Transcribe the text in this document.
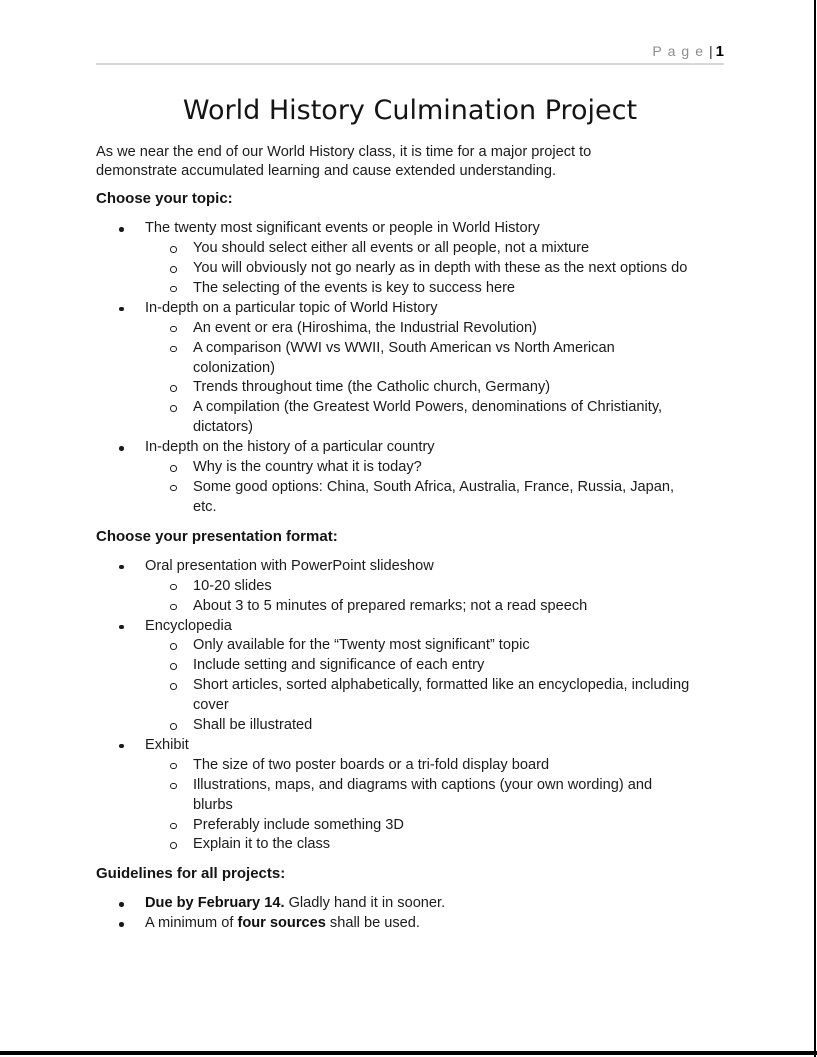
Page| 1
World History Culmination Project

As we near the end of our World History class, it is time for a major project to demonstrate accumulated learning and cause extended understanding.

Choose your topic:
The twenty most significant events or people in World History
You should select either all events or all people, not a mixture
You will obviously not go nearly as in depth with these as the next options do
The selecting of the events is key to success here
In-depth on a particular topic of World History
An event or era (Hiroshima, the Industrial Revolution)
A comparison (WWI vs WWII, South American vs North American colonization)
Trends throughout time (the Catholic church, Germany)
A compilation (the Greatest World Powers, denominations of Christianity, dictators)
In-depth on the history of a particular country
Why is the country what it is today?
Some good options: China, South Africa, Australia, France, Russia, Japan, etc.
Choose your presentation format:
Oral presentation with PowerPoint slideshow
10-20 slides
About 3 to 5 minutes of prepared remarks; not a read speech
Encyclopedia
Only available for the “Twenty most significant” topic
Include setting and significance of each entry
Short articles, sorted alphabetically, formatted like an encyclopedia, including cover
Shall be illustrated
Exhibit
The size of two poster boards or a tri-fold display board
Illustrations, maps, and diagrams with captions (your own wording) and blurbs
Preferably include something 3D
Explain it to the class
Guidelines for all projects:
Due by February 14. Gladly hand it in sooner.
A minimum of four sources shall be used.
